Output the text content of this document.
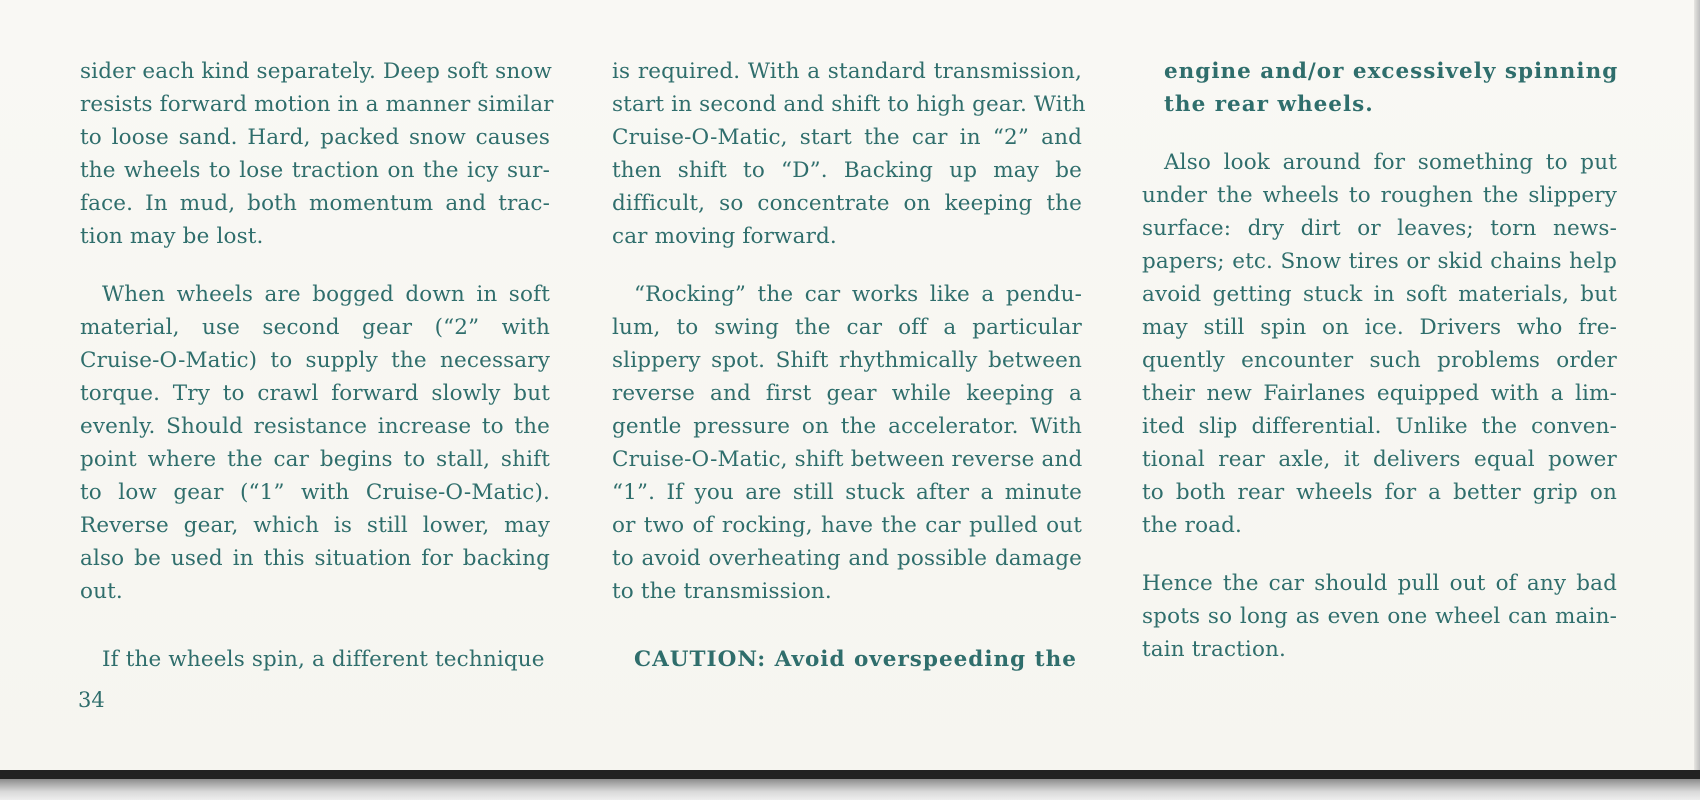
sider each kind separately. Deep soft snow
resists forward motion in a manner similar
to loose sand. Hard, packed snow causes
the wheels to lose traction on the icy sur-
face. In mud, both momentum and trac-
tion may be lost.
When wheels are bogged down in soft
material, use second gear (“2” with
Cruise-O-Matic) to supply the necessary
torque. Try to crawl forward slowly but
evenly. Should resistance increase to the
point where the car begins to stall, shift
to low gear (“1” with Cruise-O-Matic).
Reverse gear, which is still lower, may
also be used in this situation for backing
out.
If the wheels spin, a different technique
is required. With a standard transmission,
start in second and shift to high gear. With
Cruise-O-Matic, start the car in “2” and
then shift to “D”. Backing up may be
difficult, so concentrate on keeping the
car moving forward.
“Rocking” the car works like a pendu-
lum, to swing the car off a particular
slippery spot. Shift rhythmically between
reverse and first gear while keeping a
gentle pressure on the accelerator. With
Cruise-O-Matic, shift between reverse and
“1”. If you are still stuck after a minute
or two of rocking, have the car pulled out
to avoid overheating and possible damage
to the transmission.
CAUTION: Avoid overspeeding the
engine and/or excessively spinning
the rear wheels.
Also look around for something to put
under the wheels to roughen the slippery
surface: dry dirt or leaves; torn news-
papers; etc. Snow tires or skid chains help
avoid getting stuck in soft materials, but
may still spin on ice. Drivers who fre-
quently encounter such problems order
their new Fairlanes equipped with a lim-
ited slip differential. Unlike the conven-
tional rear axle, it delivers equal power
to both rear wheels for a better grip on
the road.
Hence the car should pull out of any bad
spots so long as even one wheel can main-
tain traction.
34
